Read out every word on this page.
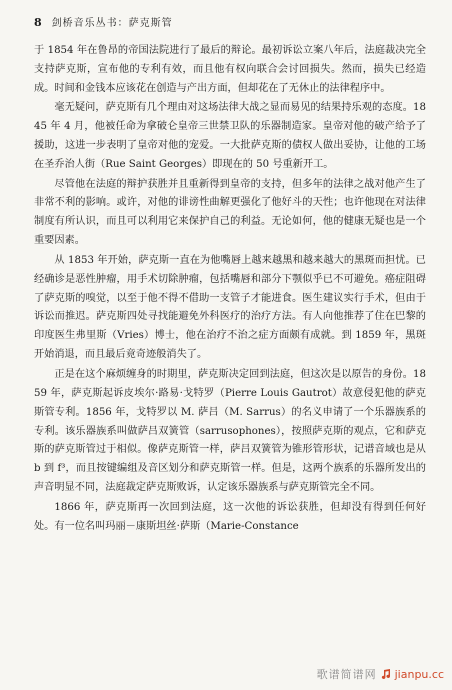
8 剑桥音乐丛书：萨克斯管

于 1854 年在鲁昂的帝国法院进行了最后的辩论。最初诉讼立案八年后，法庭裁决完全支持萨克斯，宣布他的专利有效，而且他有权向联合会讨回损失。然而，损失已经造成。时间和金钱本应该花在创造与产出方面，但却花在了无休止的法律程序中。

毫无疑问，萨克斯有几个理由对这场法律大战之显而易见的结果持乐观的态度。1845 年 4 月，他被任命为拿破仑皇帝三世禁卫队的乐器制造家。皇帝对他的破产给予了援助，这进一步表明了皇帝对他的宠爱。一大批萨克斯的债权人做出妥协，让他的工场在圣乔治人街（Rue Saint Georges）即现在的 50 号重新开工。

尽管他在法庭的辩护获胜并且重新得到皇帝的支持，但多年的法律之战对他产生了非常不利的影响。或许，对他的诽谤性曲解更强化了他好斗的天性；也许他现在对法律制度有所认识，而且可以利用它来保护自己的利益。无论如何，他的健康无疑也是一个重要因素。

从 1853 年开始，萨克斯一直在为他嘴唇上越来越黑和越来越大的黑斑而担忧。已经确诊是恶性肿瘤，用手术切除肿瘤，包括嘴唇和部分下颚似乎已不可避免。癌症阻碍了萨克斯的嗅觉，以至于他不得不借助一支管子才能进食。医生建议实行手术，但由于诉讼而推迟。萨克斯四处寻找能避免外科医疗的治疗方法。有人向他推荐了住在巴黎的印度医生弗里斯（Vries）博士，他在治疗不治之症方面颇有成就。到 1859 年，黑斑开始消退，而且最后竟奇迹般消失了。

正是在这个麻烦缠身的时期里，萨克斯决定回到法庭，但这次是以原告的身份。1859 年，萨克斯起诉皮埃尔·路易·戈特罗（Pierre Louis Gautrot）故意侵犯他的萨克斯管专利。1856 年，戈特罗以 M. 萨吕（M. Sarrus）的名义申请了一个乐器族系的专利。该乐器族系叫做萨吕双簧管（sarrusophones），按照萨克斯的观点，它和萨克斯的萨克斯管过于相似。像萨克斯管一样，萨吕双簧管为锥形管形状，记谱音域也是从 b 到 f³，而且按键编组及音区划分和萨克斯管一样。但是，这两个族系的乐器所发出的声音明显不同，法庭裁定萨克斯败诉，认定该乐器族系与萨克斯管完全不同。

1866 年，萨克斯再一次回到法庭，这一次他的诉讼获胜，但却没有得到任何好处。有一位名叫玛丽－康斯坦丝·萨斯（Marie-Constance

歌谱简谱网 jianpu.cc
